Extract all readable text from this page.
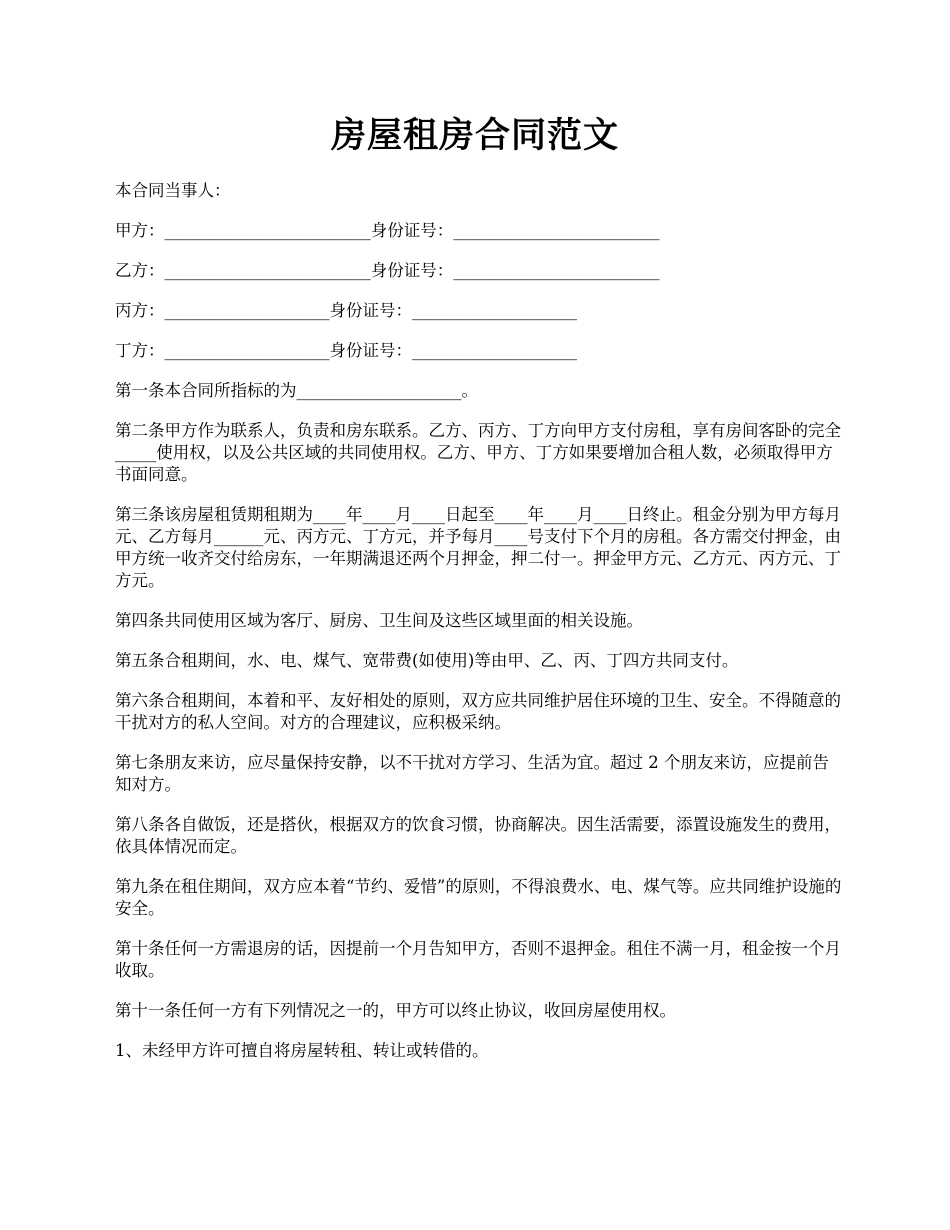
房屋租房合同范文

本合同当事人：

甲方：_________________________身份证号：_________________________

乙方：_________________________身份证号：_________________________

丙方：____________________身份证号：____________________

丁方：____________________身份证号：____________________

第一条本合同所指标的为____________________。

第二条甲方作为联系人，负责和房东联系。乙方、丙方、丁方向甲方支付房租，享有房间客卧的完全_____使用权，以及公共区域的共同使用权。乙方、甲方、丁方如果要增加合租人数，必须取得甲方书面同意。

第三条该房屋租赁期租期为____年____月____日起至____年____月____日终止。租金分别为甲方每月元、乙方每月______元、丙方元、丁方元，并予每月____号支付下个月的房租。各方需交付押金，由甲方统一收齐交付给房东，一年期满退还两个月押金，押二付一。押金甲方元、乙方元、丙方元、丁方元。

第四条共同使用区域为客厅、厨房、卫生间及这些区域里面的相关设施。

第五条合租期间，水、电、煤气、宽带费(如使用)等由甲、乙、丙、丁四方共同支付。

第六条合租期间，本着和平、友好相处的原则，双方应共同维护居住环境的卫生、安全。不得随意的干扰对方的私人空间。对方的合理建议，应积极采纳。

第七条朋友来访，应尽量保持安静，以不干扰对方学习、生活为宜。超过 2 个朋友来访，应提前告知对方。

第八条各自做饭，还是搭伙，根据双方的饮食习惯，协商解决。因生活需要，添置设施发生的费用，依具体情况而定。

第九条在租住期间，双方应本着“节约、爱惜”的原则，不得浪费水、电、煤气等。应共同维护设施的安全。

第十条任何一方需退房的话，因提前一个月告知甲方，否则不退押金。租住不满一月，租金按一个月收取。

第十一条任何一方有下列情况之一的，甲方可以终止协议，收回房屋使用权。

1、未经甲方许可擅自将房屋转租、转让或转借的。
